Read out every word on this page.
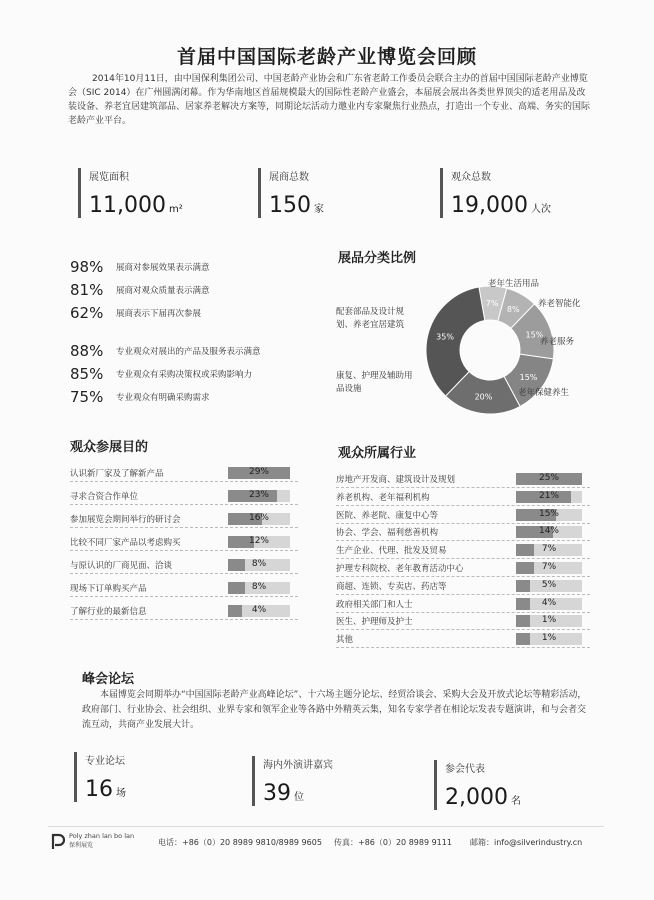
首届中国国际老龄产业博览会回顾

2014年10月11日，由中国保利集团公司、中国老龄产业协会和广东省老龄工作委员会联合主办的首届中国国际老龄产业博览会（SIC 2014）在广州圆满闭幕。作为华南地区首届规模最大的国际性老龄产业盛会，本届展会展出各类世界顶尖的适老用品及改装设备、养老宜居建筑部品、居家养老解决方案等，同期论坛活动力邀业内专家聚焦行业热点，打造出一个专业、高端、务实的国际老龄产业平台。

展览面积
11,000 m²
展商总数
150 家
观众总数
19,000 人次
98%	展商对参展效果表示满意
81%	展商对观众质量表示满意
62%	展商表示下届再次参展
88%	专业观众对展出的产品及服务表示满意
85%	专业观众有采购决策权或采购影响力
75%	专业观众有明确采购需求
展品分类比例
7%
8%
15%
15%
20%
35%
老年生活用品
养老智能化
养老服务
老年保健养生
康复、护理及辅助用品设施
配套部品及设计规划、养老宜居建筑
观众参展目的
认识新厂家及了解新产品	29%
寻求合资合作单位	23%
参加展览会期间举行的研讨会	16%
比较不同厂家产品以考虑购买	12%
与原认识的厂商见面、洽谈	8%
现场下订单购买产品	8%
了解行业的最新信息	4%
观众所属行业
房地产开发商、建筑设计及规划	25%
养老机构、老年福利机构	21%
医院、养老院、康复中心等	15%
协会、学会、福利慈善机构	14%
生产企业、代理、批发及贸易	7%
护理专科院校、老年教育活动中心	7%
商超、连锁、专卖店、药店等	5%
政府相关部门和人士	4%
医生、护理师及护士	1%
其他	1%
峰会论坛

本届博览会同期举办“中国国际老龄产业高峰论坛”、十六场主题分论坛、经贸洽谈会、采购大会及开放式论坛等精彩活动，政府部门、行业协会、社会组织、业界专家和领军企业等各路中外精英云集，知名专家学者在相论坛发表专题演讲，和与会者交流互动，共商产业发展大计。

专业论坛
16 场
海内外演讲嘉宾
39 位
参会代表
2,000 名
Poly zhan lan bo lan
保利展览	电话：+86（0）20 8989 9810/8989 9605 传真：+86（0）20 8989 9111 邮箱：info@silverindustry.cn
